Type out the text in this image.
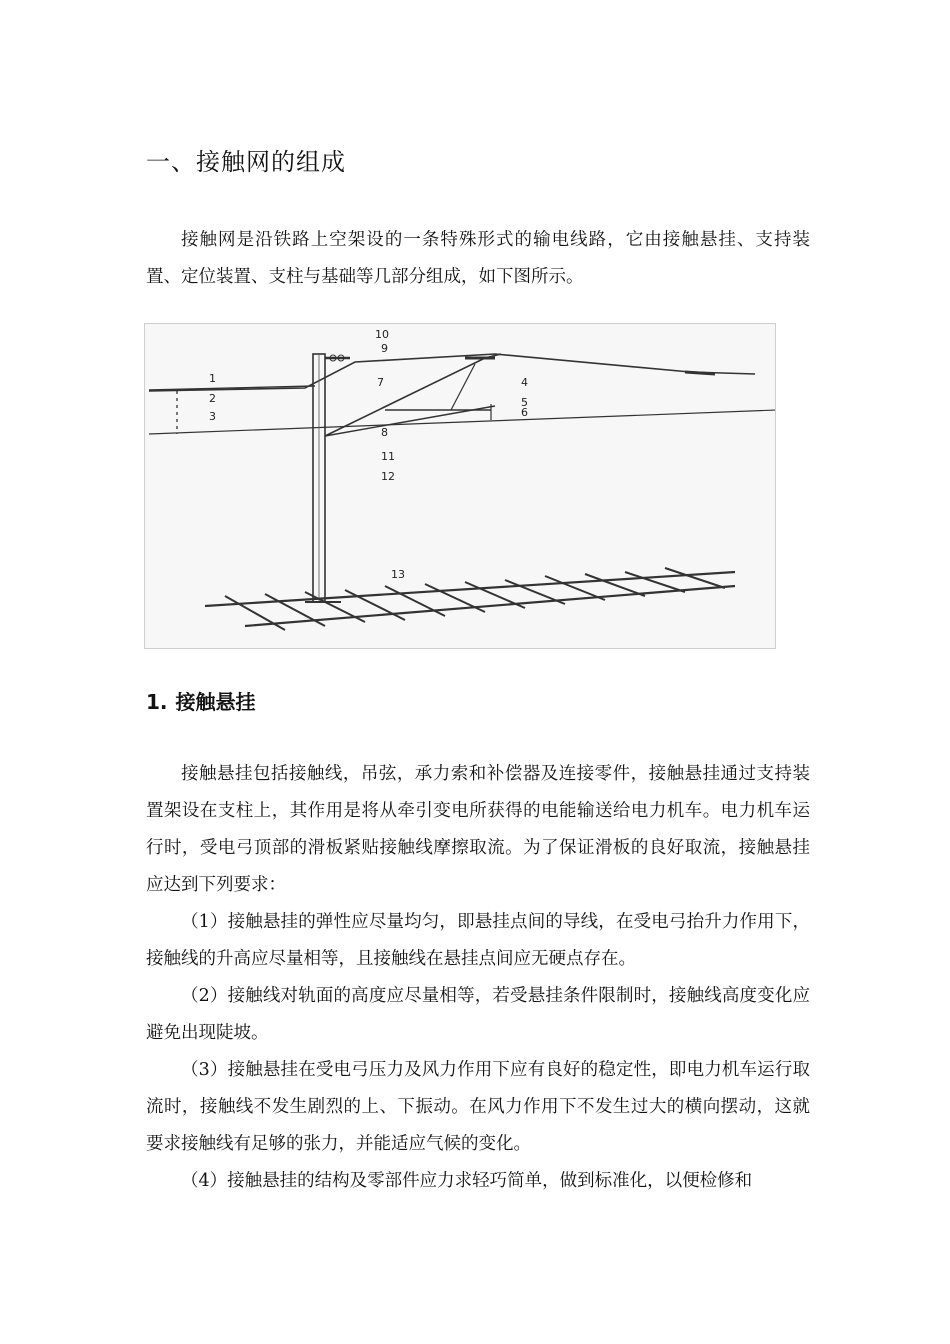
一、接触网的组成

接触网是沿铁路上空架设的一条特殊形式的输电线路，它由接触悬挂、支持装置、定位装置、支柱与基础等几部分组成，如下图所示。

10
9
1
2
3
4
5
6
7
8
11
12
13
1. 接触悬挂

接触悬挂包括接触线，吊弦，承力索和补偿器及连接零件，接触悬挂通过支持装置架设在支柱上，其作用是将从牵引变电所获得的电能输送给电力机车。电力机车运行时，受电弓顶部的滑板紧贴接触线摩擦取流。为了保证滑板的良好取流，接触悬挂应达到下列要求：

（1）接触悬挂的弹性应尽量均匀，即悬挂点间的导线，在受电弓抬升力作用下，接触线的升高应尽量相等，且接触线在悬挂点间应无硬点存在。

（2）接触线对轨面的高度应尽量相等，若受悬挂条件限制时，接触线高度变化应避免出现陡坡。

（3）接触悬挂在受电弓压力及风力作用下应有良好的稳定性，即电力机车运行取流时，接触线不发生剧烈的上、下振动。在风力作用下不发生过大的横向摆动，这就要求接触线有足够的张力，并能适应气候的变化。

（4）接触悬挂的结构及零部件应力求轻巧简单，做到标准化，以便检修和
